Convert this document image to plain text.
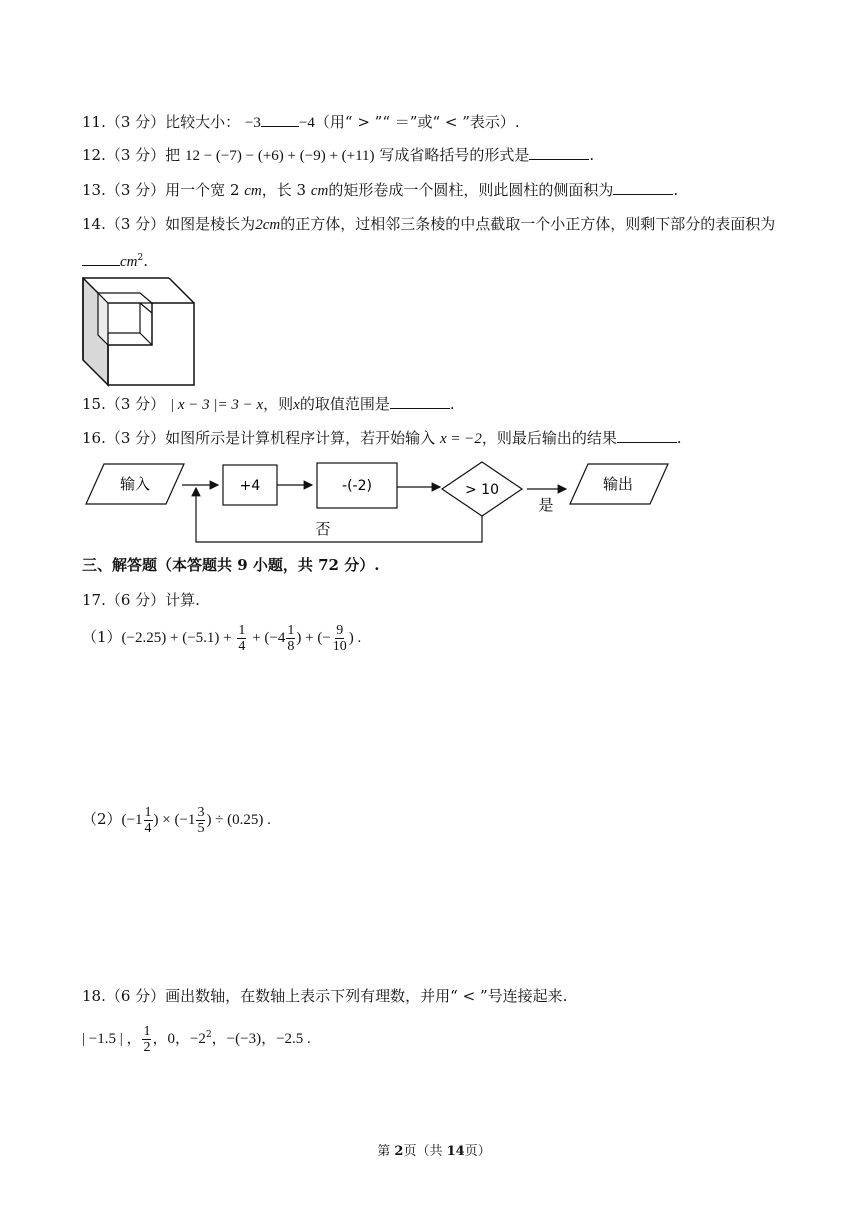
11.（3 分）比较大小： −3	−4（用“ > ”“ ＝”或“ < ”表示）.
12.（3 分）把 12 − (−7) − (+6) + (−9) + (+11) 写成省略括号的形式是	.
13.（3 分）用一个宽 2 cm，长 3 cm的矩形卷成一个圆柱，则此圆柱的侧面积为	.
14.（3 分）如图是棱长为2cm的正方体，过相邻三条棱的中点截取一个小正方体，则剩下部分的表面积为
$cm^2$.
15.（3 分） | x − 3 |= 3 − x，则x的取值范围是	.
16.（3 分）如图所示是计算机程序计算，若开始输入 x = −2，则最后输出的结果	.
输入	+4	-(-2)	> 10
是
输出
否
三、解答题（本答题共 9 小题，共 72 分）.
17.（6 分）计算.
$(1)(-2.25) + (-5.1) + \frac{1}{4} + (-4 \frac{1}{8}$ ) + (− $\frac{9}{10}$ ) .
$(2)(-1 \frac{1}{4}$ ) × ($-1 \frac{3}{5}$ ) ÷ (0.25) .
18.（6 分）画出数轴，在数轴上表示下列有理数，并用“ < ”号连接起来.
| −1.5 | ， $\frac{1}{2}$ ，0，$-2^2$，−(−3)，−2.5 .
第 2页（共 14页）
